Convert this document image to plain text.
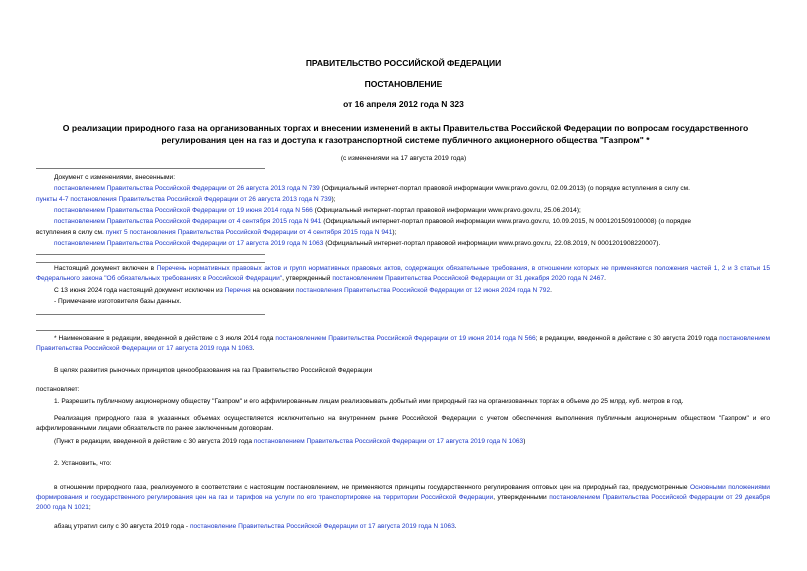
ПРАВИТЕЛЬСТВО РОССИЙСКОЙ ФЕДЕРАЦИИ
ПОСТАНОВЛЕНИЕ
от 16 апреля 2012 года N 323
О реализации природного газа на организованных торгах и внесении изменений в акты Правительства Российской Федерации по вопросам государственного
регулирования цен на газ и доступа к газотранспортной системе публичного акционерного общества "Газпром" *
(с изменениями на 17 августа 2019 года)
Документ с изменениями, внесенными:
постановлением Правительства Российской Федерации от 26 августа 2013 года N 739 (Официальный интернет-портал правовой информации www.pravo.gov.ru, 02.09.2013) (о порядке вступления в силу см.
пункты 4-7 постановления Правительства Российской Федерации от 26 августа 2013 года N 739);
постановлением Правительства Российской Федерации от 19 июня 2014 года N 566 (Официальный интернет-портал правовой информации www.pravo.gov.ru, 25.06.2014);
постановлением Правительства Российской Федерации от 4 сентября 2015 года N 941 (Официальный интернет-портал правовой информации www.pravo.gov.ru, 10.09.2015, N 0001201509100008) (о порядке
вступления в силу см. пункт 5 постановления Правительства Российской Федерации от 4 сентября 2015 года N 941);
постановлением Правительства Российской Федерации от 17 августа 2019 года N 1063 (Официальный интернет-портал правовой информации www.pravo.gov.ru, 22.08.2019, N 0001201908220007).
Настоящий документ включен в Перечень нормативных правовых актов и групп нормативных правовых актов, содержащих обязательные требования, в отношении которых не применяются положения частей 1, 2 и 3 статьи 15 Федерального закона "Об обязательных требованиях в Российской Федерации", утвержденный постановлением Правительства Российской Федерации от 31 декабря 2020 года N 2467.
С 13 июня 2024 года настоящий документ исключен из Перечня на основании постановления Правительства Российской Федерации от 12 июня 2024 года N 792.
- Примечание изготовителя базы данных.
* Наименование в редакции, введенной в действие с 3 июля 2014 года постановлением Правительства Российской Федерации от 19 июня 2014 года N 566; в редакции, введенной в действие с 30 августа 2019 года постановлением Правительства Российской Федерации от 17 августа 2019 года N 1063.
В целях развития рыночных принципов ценообразования на газ Правительство Российской Федерации
постановляет:
1. Разрешить публичному акционерному обществу "Газпром" и его аффилированным лицам реализовывать добытый ими природный газ на организованных торгах в объеме до 25 млрд. куб. метров в год.
Реализация природного газа в указанных объемах осуществляется исключительно на внутреннем рынке Российской Федерации с учетом обеспечения выполнения публичным акционерным обществом "Газпром" и его аффилированными лицами обязательств по ранее заключенным договорам.
(Пункт в редакции, введенной в действие с 30 августа 2019 года постановлением Правительства Российской Федерации от 17 августа 2019 года N 1063)
2. Установить, что:
в отношении природного газа, реализуемого в соответствии с настоящим постановлением, не применяются принципы государственного регулирования оптовых цен на природный газ, предусмотренные Основными положениями формирования и государственного регулирования цен на газ и тарифов на услуги по его транспортировке на территории Российской Федерации, утвержденными постановлением Правительства Российской Федерации от 29 декабря 2000 года N 1021;
абзац утратил силу с 30 августа 2019 года - постановление Правительства Российской Федерации от 17 августа 2019 года N 1063.
